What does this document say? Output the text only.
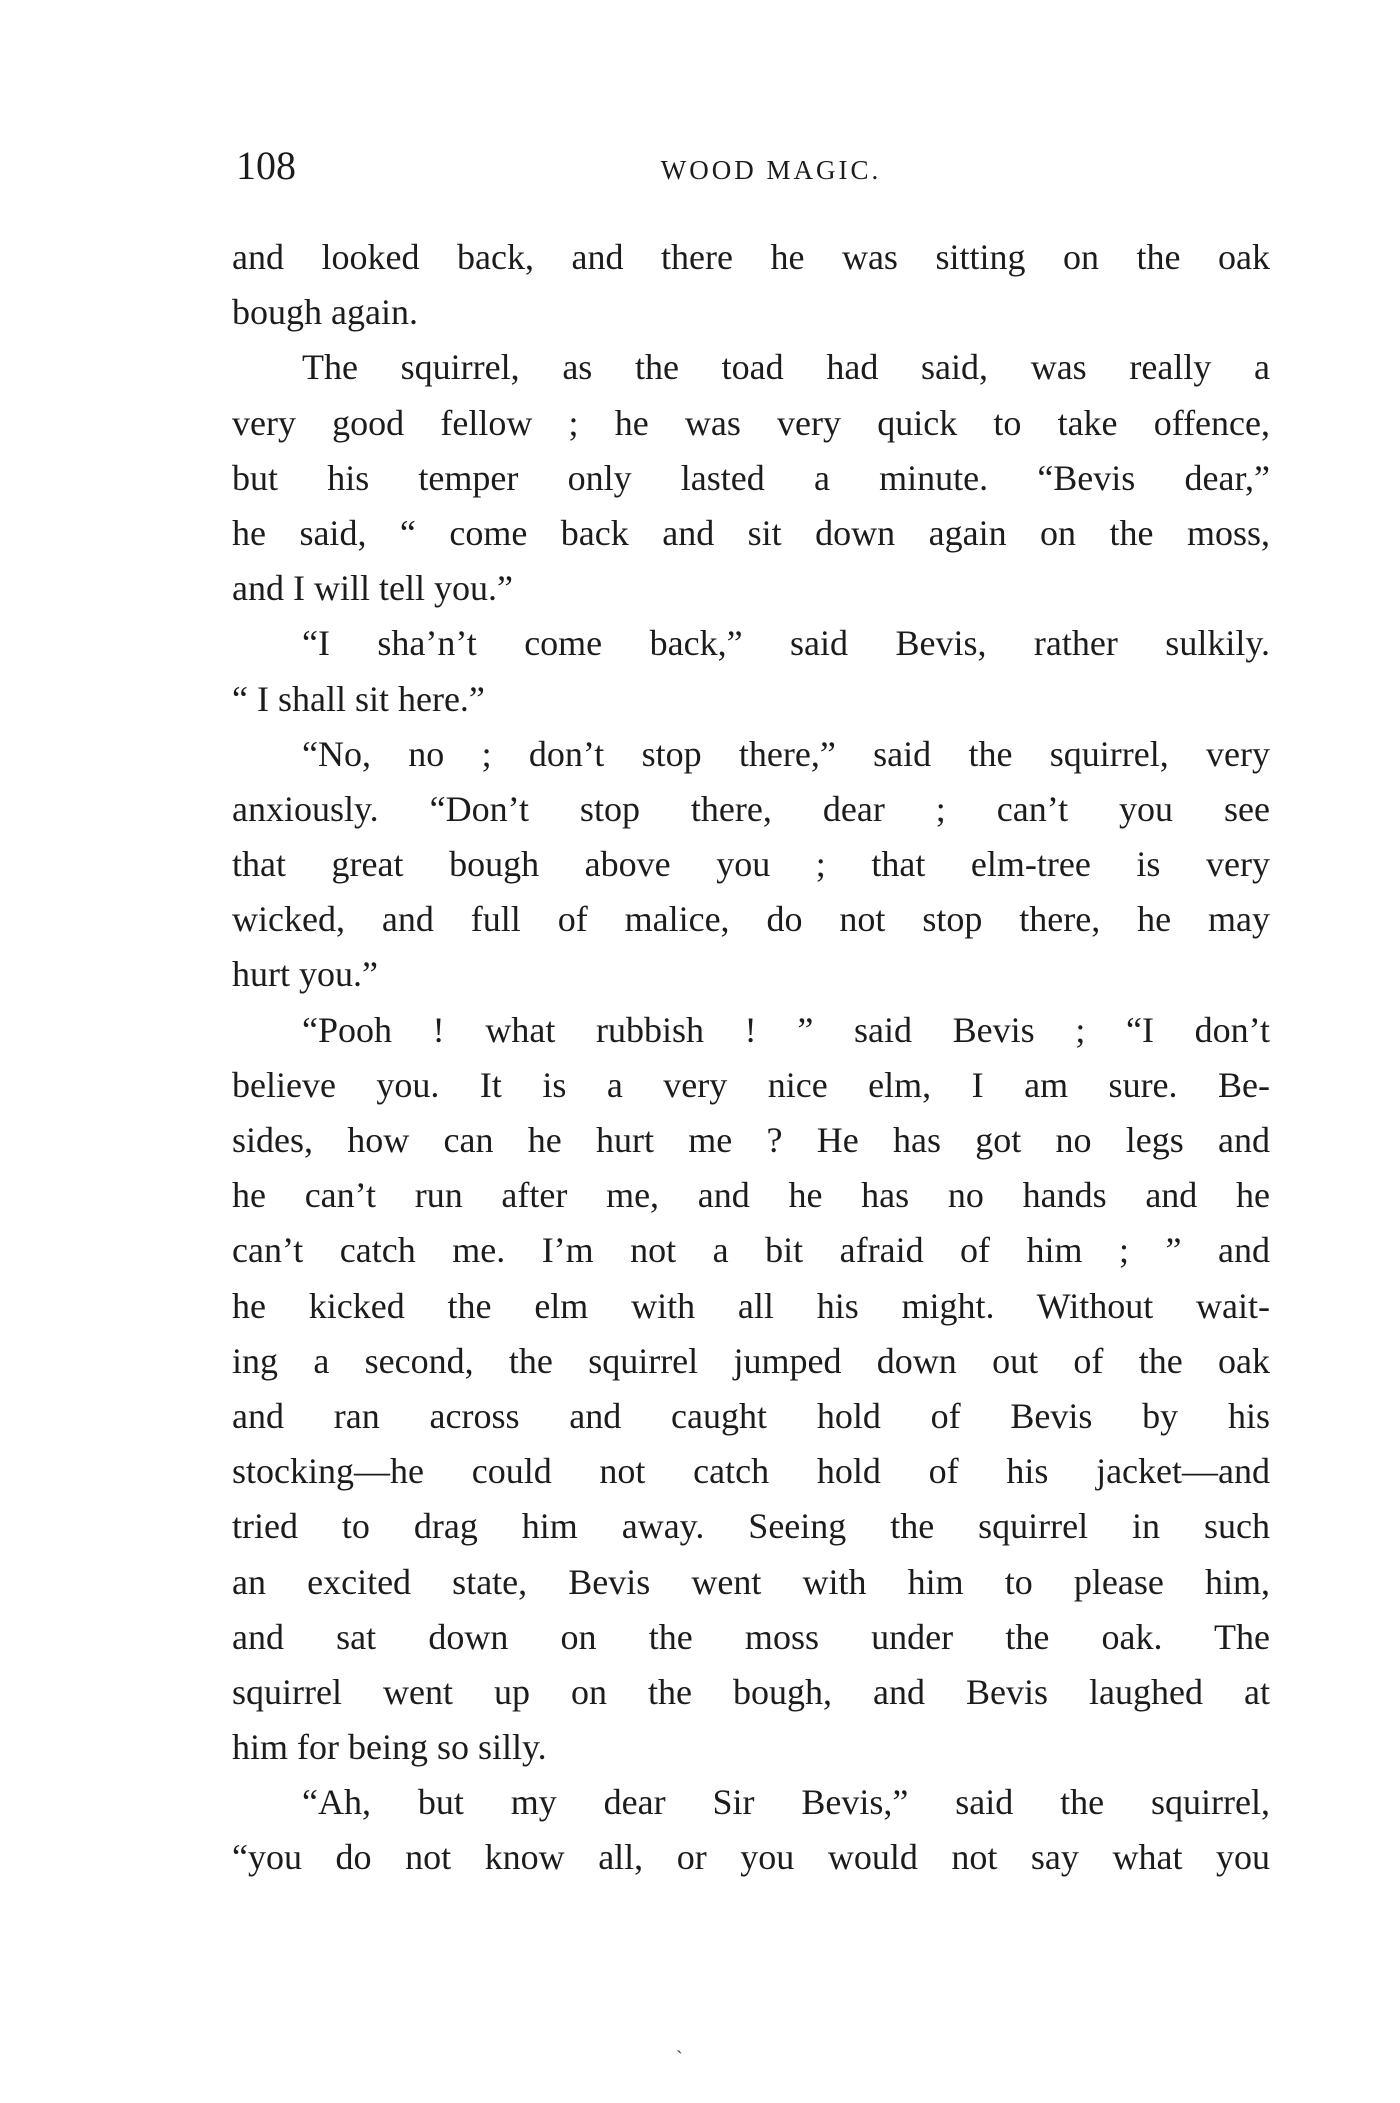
108	WOOD MAGIC.
and looked back, and there he was sitting on the oak
bough again.
The squirrel, as the toad had said, was really a
very good fellow ; he was very quick to take offence,
but his temper only lasted a minute. “Bevis dear,”
he said, “ come back and sit down again on the moss,
and I will tell you.”
“I sha’n’t come back,” said Bevis, rather sulkily.
“ I shall sit here.”
“No, no ; don’t stop there,” said the squirrel, very
anxiously. “Don’t stop there, dear ; can’t you see
that great bough above you ; that elm-tree is very
wicked, and full of malice, do not stop there, he may
hurt you.”
“Pooh ! what rubbish ! ” said Bevis ; “I don’t
believe you. It is a very nice elm, I am sure. Be-
sides, how can he hurt me ? He has got no legs and
he can’t run after me, and he has no hands and he
can’t catch me. I’m not a bit afraid of him ; ” and
he kicked the elm with all his might. Without wait-
ing a second, the squirrel jumped down out of the oak
and ran across and caught hold of Bevis by his
stocking—he could not catch hold of his jacket—and
tried to drag him away. Seeing the squirrel in such
an excited state, Bevis went with him to please him,
and sat down on the moss under the oak. The
squirrel went up on the bough, and Bevis laughed at
him for being so silly.
“Ah, but my dear Sir Bevis,” said the squirrel,
“you do not know all, or you would not say what you
ˏ
